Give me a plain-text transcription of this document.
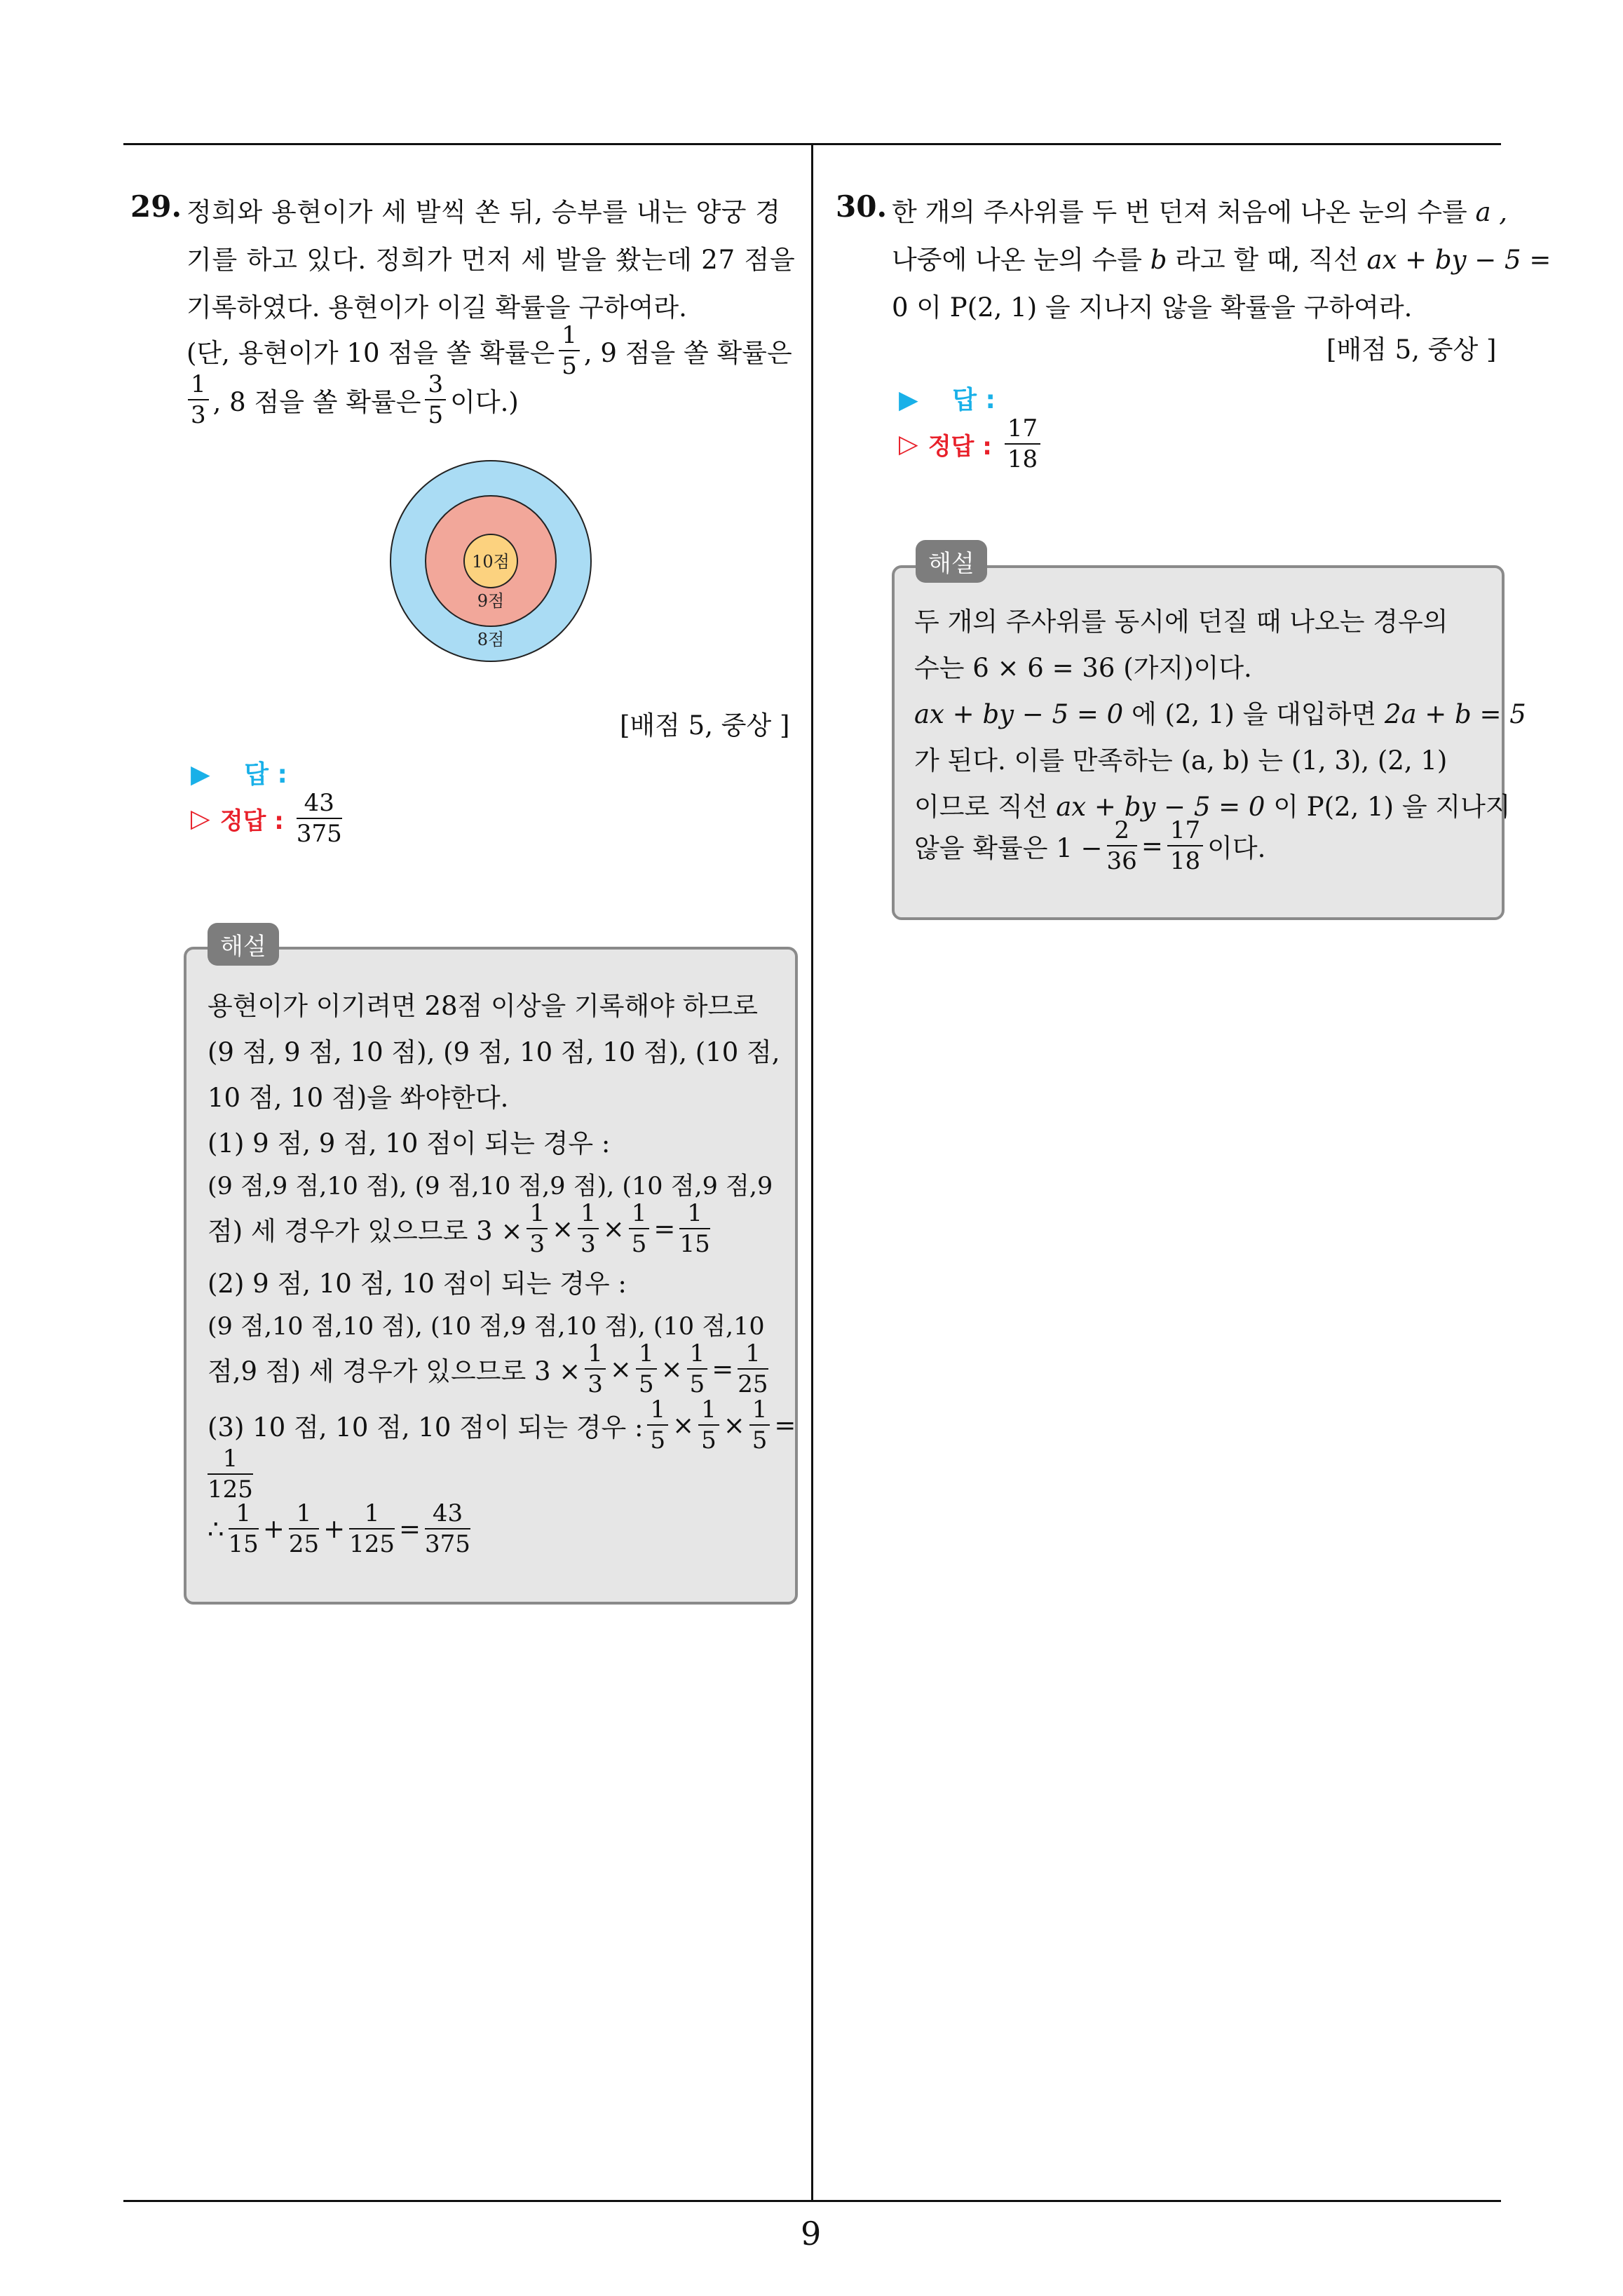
9
29. 정희와 용현이가 세 발씩 쏜 뒤, 승부를 내는 양궁 경
기를 하고 있다. 정희가 먼저 세 발을 쐈는데 27 점을
기록하였다. 용현이가 이길 확률을 구하여라.
(단, 용현이가 10 점을 쏠 확률은 $\frac{1}{5}$ , 9 점을 쏠 확률은
$\frac{1}{3}$ , 8 점을 쏠 확률은 $\frac{3}{5}$ 이다.)
10점
9점
8점
[배점 5, 중상 ]
▶ 답 :
▷ 정답 : $\frac{43}{375}$
해설
용현이가 이기려면 28점 이상을 기록해야 하므로
(9 점, 9 점, 10 점), (9 점, 10 점, 10 점), (10 점,
10 점, 10 점)을 쏴야한다.
(1) 9 점, 9 점, 10 점이 되는 경우 :
(9 점,9 점,10 점), (9 점,10 점,9 점), (10 점,9 점,9
점) 세 경우가 있으므로 $3 \times \frac{1}{3} \times \frac{1}{3} \times \frac{1}{5} = \frac{1}{15}$
(2) 9 점, 10 점, 10 점이 되는 경우 :
(9 점,10 점,10 점), (10 점,9 점,10 점), (10 점,10
점,9 점) 세 경우가 있으므로 $3 \times \frac{1}{3} \times \frac{1}{5} \times \frac{1}{5} = \frac{1}{25}$
(3) 10 점, 10 점, 10 점이 되는 경우 : $\frac{1}{5} \times \frac{1}{5} \times \frac{1}{5}$ =
$\frac{1}{125}$
∴ $\frac{1}{15} + \frac{1}{25} + \frac{1}{125} = \frac{43}{375}$
30. 한 개의 주사위를 두 번 던져 처음에 나온 눈의 수를 a ,
나중에 나온 눈의 수를 b 라고 할 때, 직선 ax + by − 5 =
0 이 P(2, 1) 을 지나지 않을 확률을 구하여라.
[배점 5, 중상 ]
▶ 답 :
▷ 정답 : $\frac{17}{18}$
해설
두 개의 주사위를 동시에 던질 때 나오는 경우의
수는 6 × 6 = 36 (가지)이다.
ax + by − 5 = 0 에 (2, 1) 을 대입하면 2a + b = 5
가 된다. 이를 만족하는 (a, b) 는 (1, 3), (2, 1)
이므로 직선 ax + by − 5 = 0 이 P(2, 1) 을 지나지
않을 확률은 $1 - \frac{2}{36} = \frac{17}{18}$ 이다.
